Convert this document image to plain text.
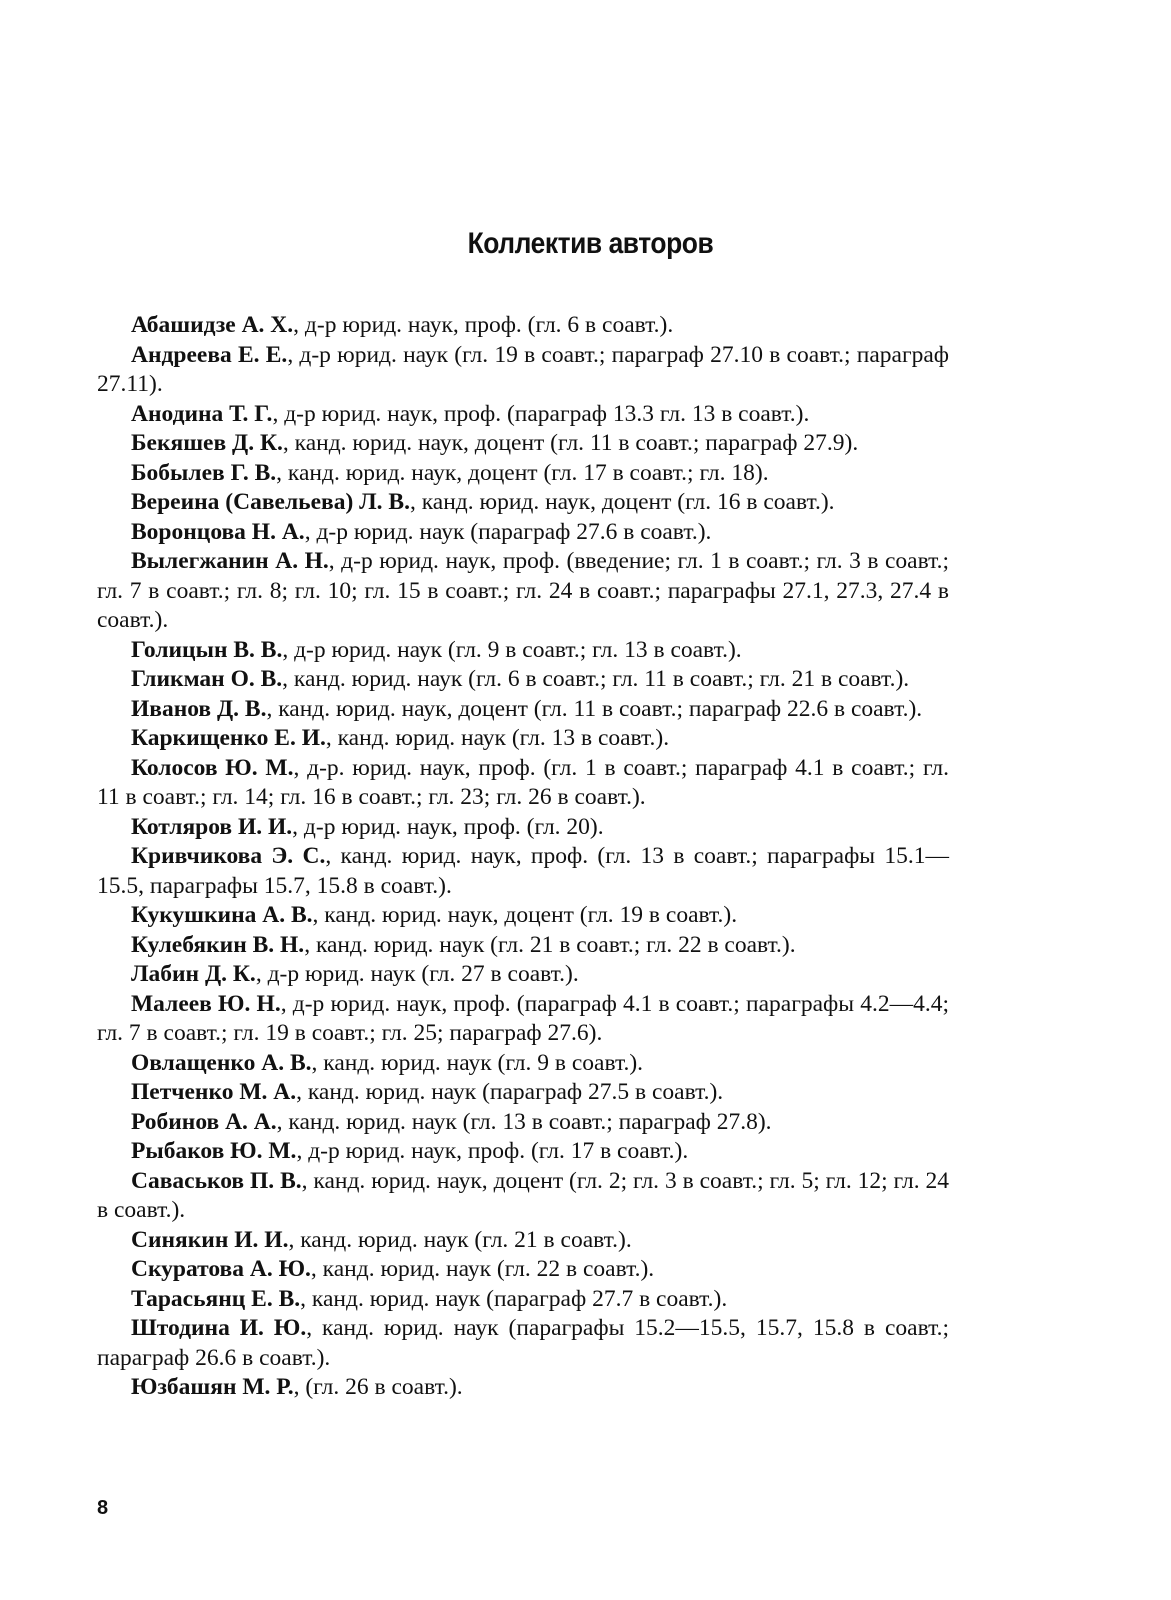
Коллектив авторов

Абашидзе А. Х., д-р юрид. наук, проф. (гл. 6 в соавт.).

Андреева Е. Е., д-р юрид. наук (гл. 19 в соавт.; параграф 27.10 в соавт.; параграф 27.11).

Анодина Т. Г., д-р юрид. наук, проф. (параграф 13.3 гл. 13 в соавт.).

Бекяшев Д. К., канд. юрид. наук, доцент (гл. 11 в соавт.; параграф 27.9).

Бобылев Г. В., канд. юрид. наук, доцент (гл. 17 в соавт.; гл. 18).

Вереина (Савельева) Л. В., канд. юрид. наук, доцент (гл. 16 в соавт.).

Воронцова Н. А., д-р юрид. наук (параграф 27.6 в соавт.).

Вылегжанин А. Н., д-р юрид. наук, проф. (введение; гл. 1 в соавт.; гл. 3 в соавт.; гл. 7 в соавт.; гл. 8; гл. 10; гл. 15 в соавт.; гл. 24 в соавт.; параграфы 27.1, 27.3, 27.4 в соавт.).

Голицын В. В., д-р юрид. наук (гл. 9 в соавт.; гл. 13 в соавт.).

Гликман О. В., канд. юрид. наук (гл. 6 в соавт.; гл. 11 в соавт.; гл. 21 в соавт.).

Иванов Д. В., канд. юрид. наук, доцент (гл. 11 в соавт.; параграф 22.6 в соавт.).

Каркищенко Е. И., канд. юрид. наук (гл. 13 в соавт.).

Колосов Ю. М., д-р. юрид. наук, проф. (гл. 1 в соавт.; параграф 4.1 в соавт.; гл. 11 в соавт.; гл. 14; гл. 16 в соавт.; гл. 23; гл. 26 в соавт.).

Котляров И. И., д-р юрид. наук, проф. (гл. 20).

Кривчикова Э. С., канд. юрид. наук, проф. (гл. 13 в соавт.; параграфы 15.1—15.5, параграфы 15.7, 15.8 в соавт.).

Кукушкина А. В., канд. юрид. наук, доцент (гл. 19 в соавт.).

Кулебякин В. Н., канд. юрид. наук (гл. 21 в соавт.; гл. 22 в соавт.).

Лабин Д. К., д-р юрид. наук (гл. 27 в соавт.).

Малеев Ю. Н., д-р юрид. наук, проф. (параграф 4.1 в соавт.; параграфы 4.2—4.4; гл. 7 в соавт.; гл. 19 в соавт.; гл. 25; параграф 27.6).

Овлащенко А. В., канд. юрид. наук (гл. 9 в соавт.).

Петченко М. А., канд. юрид. наук (параграф 27.5 в соавт.).

Робинов А. А., канд. юрид. наук (гл. 13 в соавт.; параграф 27.8).

Рыбаков Ю. М., д-р юрид. наук, проф. (гл. 17 в соавт.).

Саваськов П. В., канд. юрид. наук, доцент (гл. 2; гл. 3 в соавт.; гл. 5; гл. 12; гл. 24 в соавт.).

Синякин И. И., канд. юрид. наук (гл. 21 в соавт.).

Скуратова А. Ю., канд. юрид. наук (гл. 22 в соавт.).

Тарасьянц Е. В., канд. юрид. наук (параграф 27.7 в соавт.).

Штодина И. Ю., канд. юрид. наук (параграфы 15.2—15.5, 15.7, 15.8 в соавт.; параграф 26.6 в соавт.).

Юзбашян М. Р., (гл. 26 в соавт.).

8
